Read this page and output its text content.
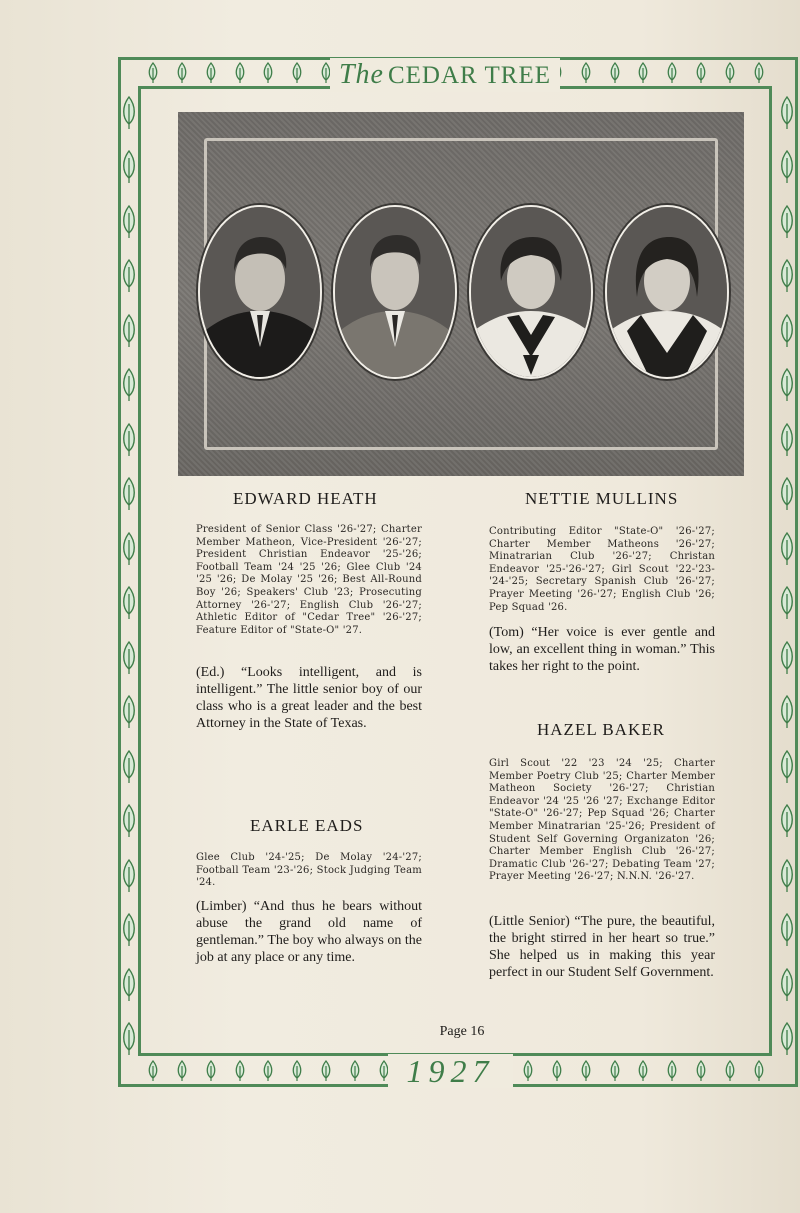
The CEDAR TREE
EDWARD HEATH
President of Senior Class '26-'27; Charter Member Matheon, Vice-President '26-'27; President Christian Endeavor '25-'26; Football Team '24 '25 '26; Glee Club '24 '25 '26; De Molay '25 '26; Best All-Round Boy '26; Speakers' Club '23; Prosecuting Attorney '26-'27; English Club '26-'27; Athletic Editor of "Cedar Tree" '26-'27; Feature Editor of "State-O" '27.
(Ed.) “Looks intelligent, and is intelligent.” The little senior boy of our class who is a great leader and the best Attorney in the State of Texas.
EARLE EADS
Glee Club '24-'25; De Molay '24-'27; Football Team '23-'26; Stock Judging Team '24.
(Limber) “And thus he bears without abuse the grand old name of gentleman.” The boy who always on the job at any place or any time.
NETTIE MULLINS
Contributing Editor "State-O" '26-'27; Charter Member Matheons '26-'27; Minatrarian Club '26-'27; Christan Endeavor '25-'26-'27; Girl Scout '22-'23-'24-'25; Secretary Spanish Club '26-'27; Prayer Meeting '26-'27; English Club '26; Pep Squad '26.
(Tom) “Her voice is ever gentle and low, an excellent thing in woman.” This takes her right to the point.
HAZEL BAKER
Girl Scout '22 '23 '24 '25; Charter Member Poetry Club '25; Charter Member Matheon Society '26-'27; Christian Endeavor '24 '25 '26 '27; Exchange Editor "State-O" '26-'27; Pep Squad '26; Charter Member Minatrarian '25-'26; President of Student Self Governing Organizaton '26; Charter Member English Club '26-'27; Dramatic Club '26-'27; Debating Team '27; Prayer Meeting '26-'27; N.N.N. '26-'27.
(Little Senior) “The pure, the beautiful, the bright stirred in her heart so true.” She helped us in making this year perfect in our Student Self Government.
Page 16
1927
